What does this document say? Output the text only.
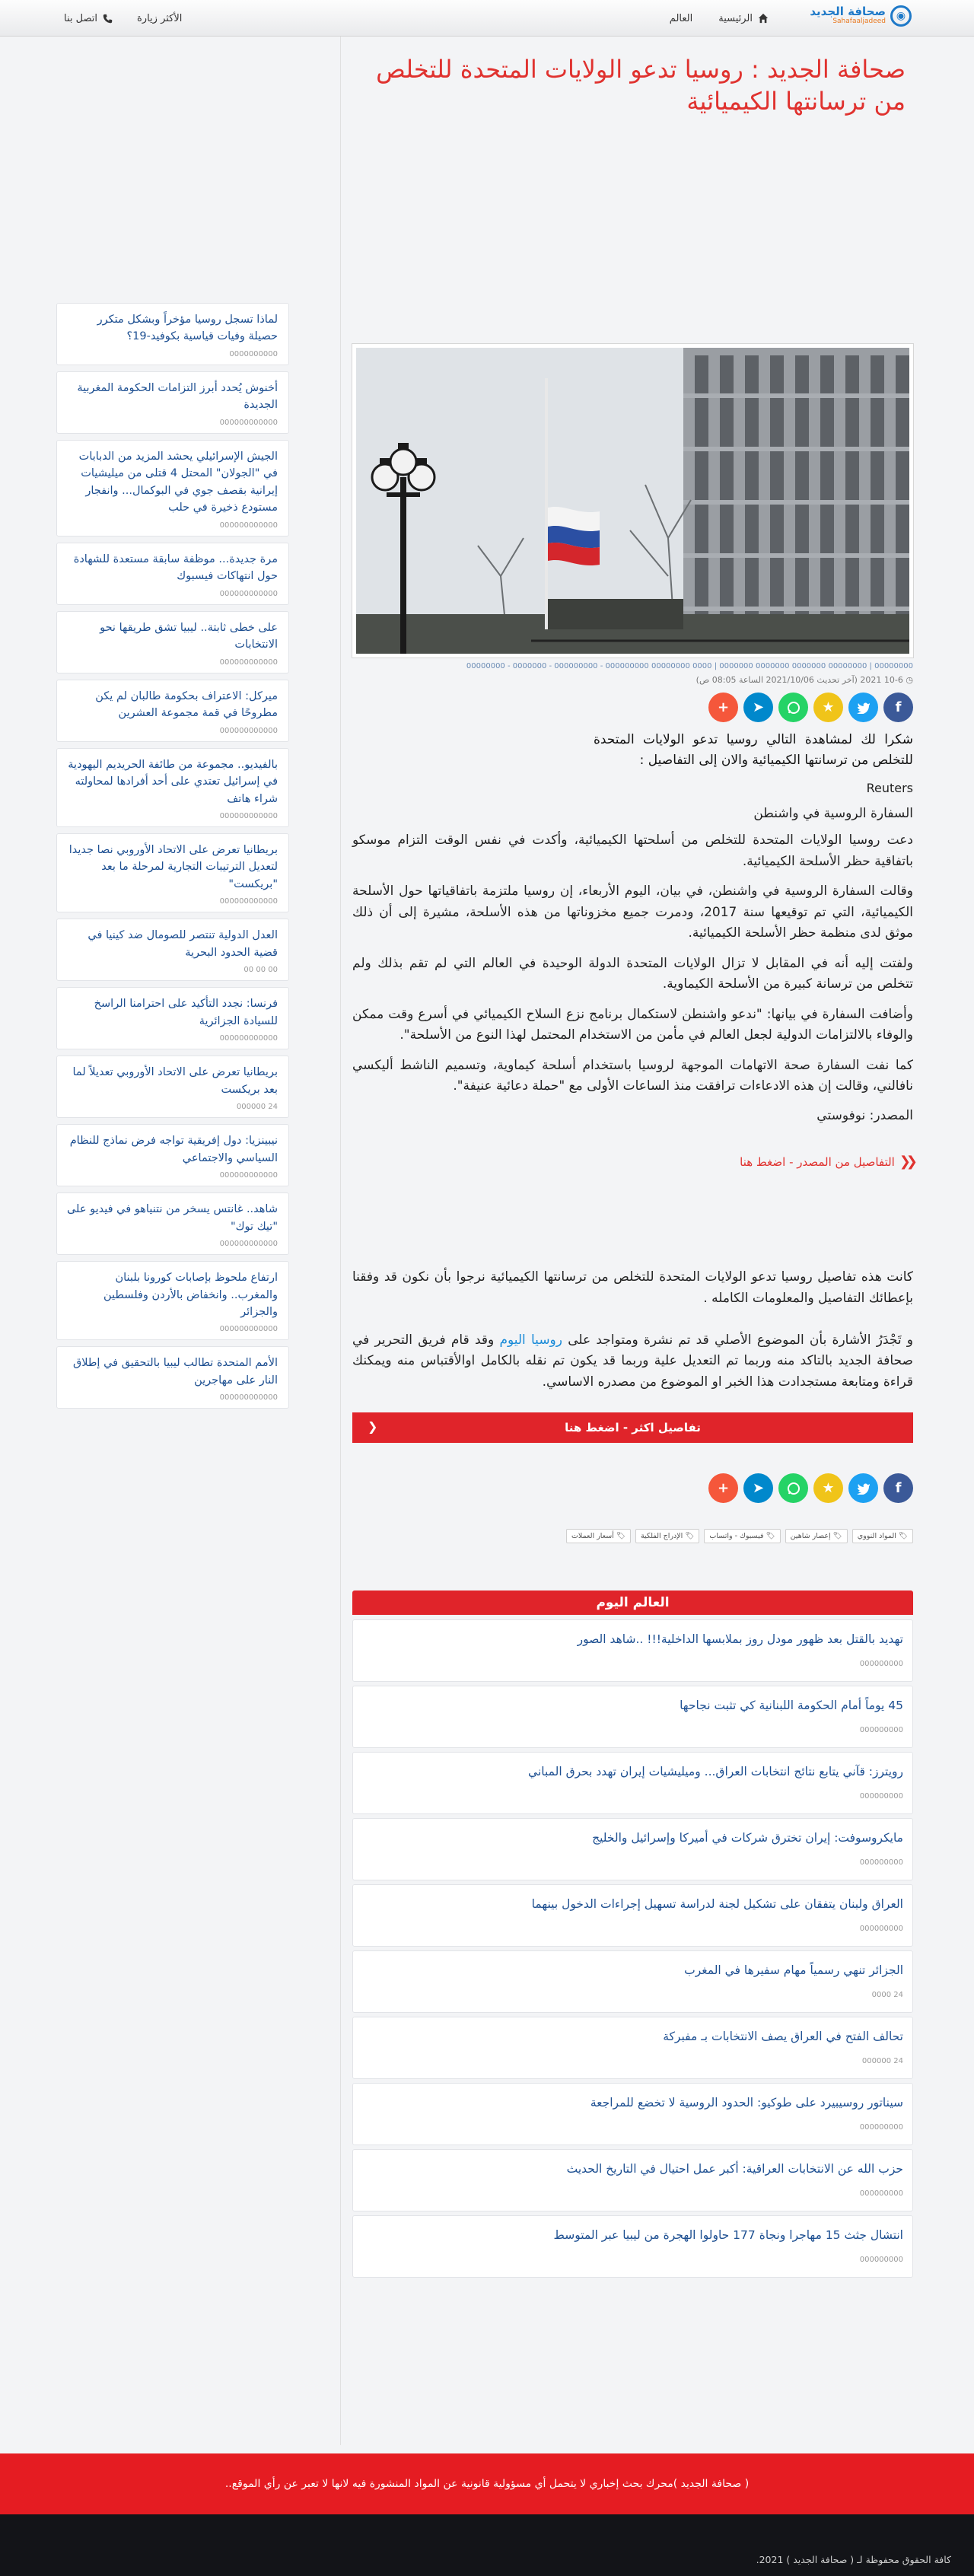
◉
صحافة الجديد
Sahafaaljadeed
الرئيسية
العالم
الأكثر زيارة
اتصل بنا
لماذا تسجل روسيا مؤخراً وبشكل متكرر حصيلة وفيات قياسية بكوفيد-19؟
0000000000
أخنوش يُحدد أبرز التزامات الحكومة المغربية الجديدة
000000000000
الجيش الإسرائيلي يحشد المزيد من الدبابات في "الجولان" المحتل 4 قتلى من ميليشيات إيرانية بقصف جوي في البوكمال... وانفجار مستودع ذخيرة في حلب
000000000000
مرة جديدة... موظفة سابقة مستعدة للشهادة حول انتهاكات فيسبوك
000000000000
على خطى ثابتة.. ليبيا تشق طريقها نحو الانتخابات
000000000000
ميركل: الاعتراف بحكومة طالبان لم يكن مطروحًا في قمة مجموعة العشرين
000000000000
بالفيديو.. مجموعة من طائفة الحريديم اليهودية في إسرائيل تعتدي على أحد أفرادها لمحاولته شراء هاتف
000000000000
بريطانيا تعرض على الاتحاد الأوروبي نصا جديدا لتعديل الترتيبات التجارية لمرحلة ما بعد "بريكست"
000000000000
العدل الدولية تنتصر للصومال ضد كينيا في قضية الحدود البحرية
00 00 00
فرنسا: نجدد التأكيد على احترامنا الراسخ للسيادة الجزائرية
000000000000
بريطانيا تعرض على الاتحاد الأوروبي تعديلاً لما بعد بريكست
24 000000
نيبينزيا: دول إفريقية تواجه فرض نماذج للنظام السياسي والاجتماعي
000000000000
شاهد.. غانتس يسخر من نتنياهو في فيديو على "تيك توك"
000000000000
ارتفاع ملحوظ بإصابات كورونا بلبنان والمغرب.. وانخفاض بالأردن وفلسطين والجزائر
000000000000
الأمم المتحدة تطالب ليبيا بالتحقيق في إطلاق النار على مهاجرين
000000000000
صحافة الجديد : روسيا تدعو الولايات المتحدة للتخلص من ترسانتها الكيميائية
00000000 | 00000000 0000000 0000000 0000000 | 0000 00000000 000000000 - 000000000 - 0000000 - 00000000
◷ 10-6 2021 (آخر تحديث 2021/10/06 الساعة 08:05 ص)
+	➤	★	f

شكرا لك لمشاهدة التالي روسيا تدعو الولايات المتحدة للتخلص من ترسانتها الكيميائية والان إلى التفاصيل :

Reuters

السفارة الروسية في واشنطن

دعت روسيا الولايات المتحدة للتخلص من أسلحتها الكيميائية، وأكدت في نفس الوقت التزام موسكو باتفاقية حظر الأسلحة الكيميائية.

وقالت السفارة الروسية في واشنطن، في بيان، اليوم الأربعاء، إن روسيا ملتزمة باتفاقياتها حول الأسلحة الكيميائية، التي تم توقيعها سنة 2017، ودمرت جميع مخزوناتها من هذه الأسلحة، مشيرة إلى أن ذلك موثق لدى منظمة حظر الأسلحة الكيميائية.

ولفتت إليه أنه في المقابل لا تزال الولايات المتحدة الدولة الوحيدة في العالم التي لم تقم بذلك ولم تتخلص من ترسانة كبيرة من الأسلحة الكيماوية.

وأضافت السفارة في بيانها: "ندعو واشنطن لاستكمال برنامج نزع السلاح الكيميائي في أسرع وقت ممكن والوفاء بالالتزامات الدولية لجعل العالم في مأمن من الاستخدام المحتمل لهذا النوع من الأسلحة".

كما نفت السفارة صحة الاتهامات الموجهة لروسيا باستخدام أسلحة كيماوية، وتسميم الناشط أليكسي نافالني، وقالت إن هذه الادعاءات ترافقت منذ الساعات الأولى مع "حملة دعائية عنيفة".

المصدر: نوفوستي

❮❮
التفاصيل من المصدر - اضغط هنا

كانت هذه تفاصيل روسيا تدعو الولايات المتحدة للتخلص من ترسانتها الكيميائية نرجوا بأن نكون قد وفقنا بإعطائك التفاصيل والمعلومات الكامله .

و تَجْدَرُ الأشارة بأن الموضوع الأصلي قد تم نشرة ومتواجد على روسيا اليوم وقد قام فريق التحرير في صحافة الجديد بالتاكد منه وربما تم التعديل علية وربما قد يكون تم نقله بالكامل اوالأقتباس منه ويمكنك قراءة ومتابعة مستجدادت هذا الخبر او الموضوع من مصدره الاساسي.

تفاصيل اكثر - اضغط هنا
❮
+	➤	★	f
🏷 المواد النووي
🏷 إعصار شاهين
🏷 فيسبوك - واتساب
🏷 الإدراج الفلكية
🏷 أسعار العملات
العالم اليوم
تهديد بالقتل بعد ظهور مودل روز بملابسها الداخلية!!! ..شاهد الصور
000000000
45 يوماً أمام الحكومة اللبنانية كي تثبت نجاحها
000000000
رويترز: قآني يتابع نتائج انتخابات العراق... وميليشيات إيران تهدد بحرق المباني
000000000
مايكروسوفت: إيران تخترق شركات في أميركا وإسرائيل والخليج
000000000
العراق ولبنان يتفقان على تشكيل لجنة لدراسة تسهيل إجراءات الدخول بينهما
000000000
الجزائر تنهي رسمياً مهام سفيرها في المغرب
24 0000
تحالف الفتح في العراق يصف الانتخابات بـ مفبركة
24 000000
سيناتور روسيبيرد على طوكيو: الحدود الروسية لا تخضع للمراجعة
000000000
حزب الله عن الانتخابات العراقية: أكبر عمل احتيال في التاريخ الحديث
000000000
انتشال جثث 15 مهاجرا ونجاة 177 حاولوا الهجرة من ليبيا عبر المتوسط
000000000
( صحافة الجديد )محرك بحث إخباري لا يتحمل أي مسؤولية قانونية عن المواد المنشورة فيه لانها لا تعبر عن رأي الموقع..
كافة الحقوق محفوظة لـ ( صحافة الجديد ) 2021.
